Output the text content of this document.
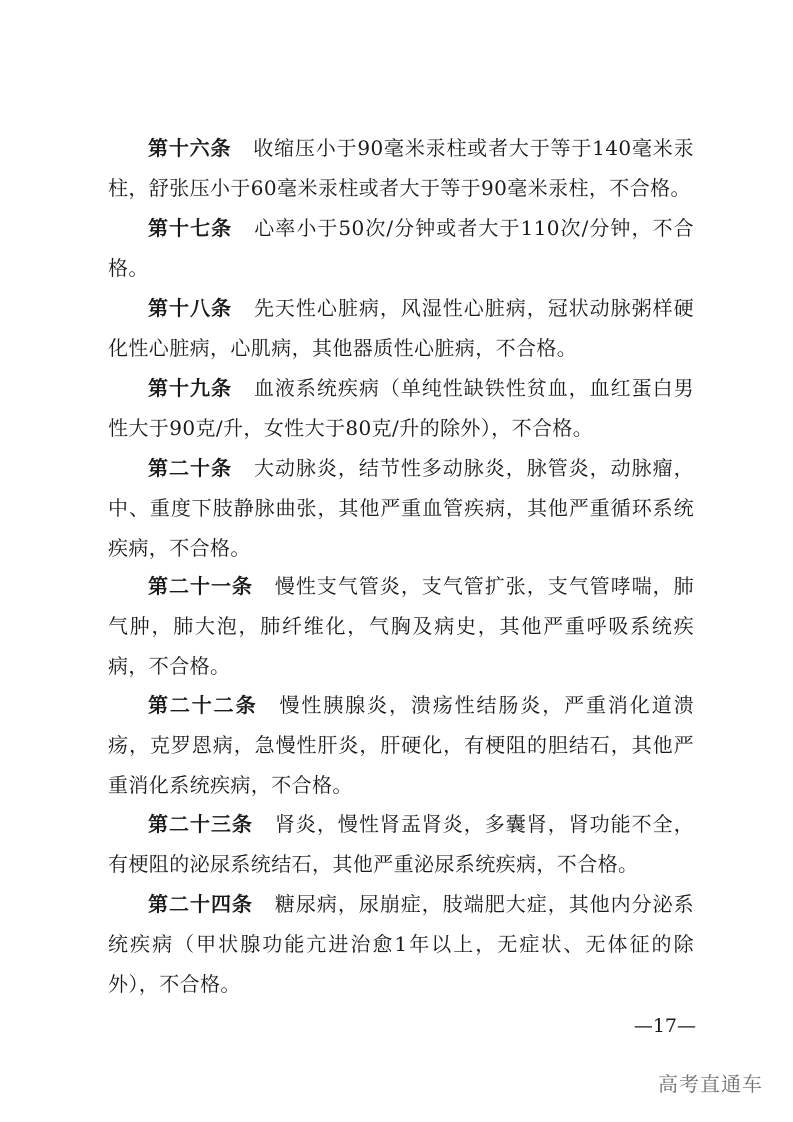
第十六条 收缩压小于90毫米汞柱或者大于等于140毫米汞柱，舒张压小于60毫米汞柱或者大于等于90毫米汞柱，不合格。

第十七条 心率小于50次/分钟或者大于110次/分钟，不合格。

第十八条 先天性心脏病，风湿性心脏病，冠状动脉粥样硬化性心脏病，心肌病，其他器质性心脏病，不合格。

第十九条 血液系统疾病（单纯性缺铁性贫血，血红蛋白男性大于90克/升，女性大于80克/升的除外），不合格。

第二十条 大动脉炎，结节性多动脉炎，脉管炎，动脉瘤，中、重度下肢静脉曲张，其他严重血管疾病，其他严重循环系统疾病，不合格。

第二十一条 慢性支气管炎，支气管扩张，支气管哮喘，肺气肿，肺大泡，肺纤维化，气胸及病史，其他严重呼吸系统疾病，不合格。

第二十二条 慢性胰腺炎，溃疡性结肠炎，严重消化道溃疡，克罗恩病，急慢性肝炎，肝硬化，有梗阻的胆结石，其他严重消化系统疾病，不合格。

第二十三条 肾炎，慢性肾盂肾炎，多囊肾，肾功能不全，有梗阻的泌尿系统结石，其他严重泌尿系统疾病，不合格。

第二十四条 糖尿病，尿崩症，肢端肥大症，其他内分泌系统疾病（甲状腺功能亢进治愈1年以上，无症状、无体征的除外），不合格。

—17—
高考直通车
